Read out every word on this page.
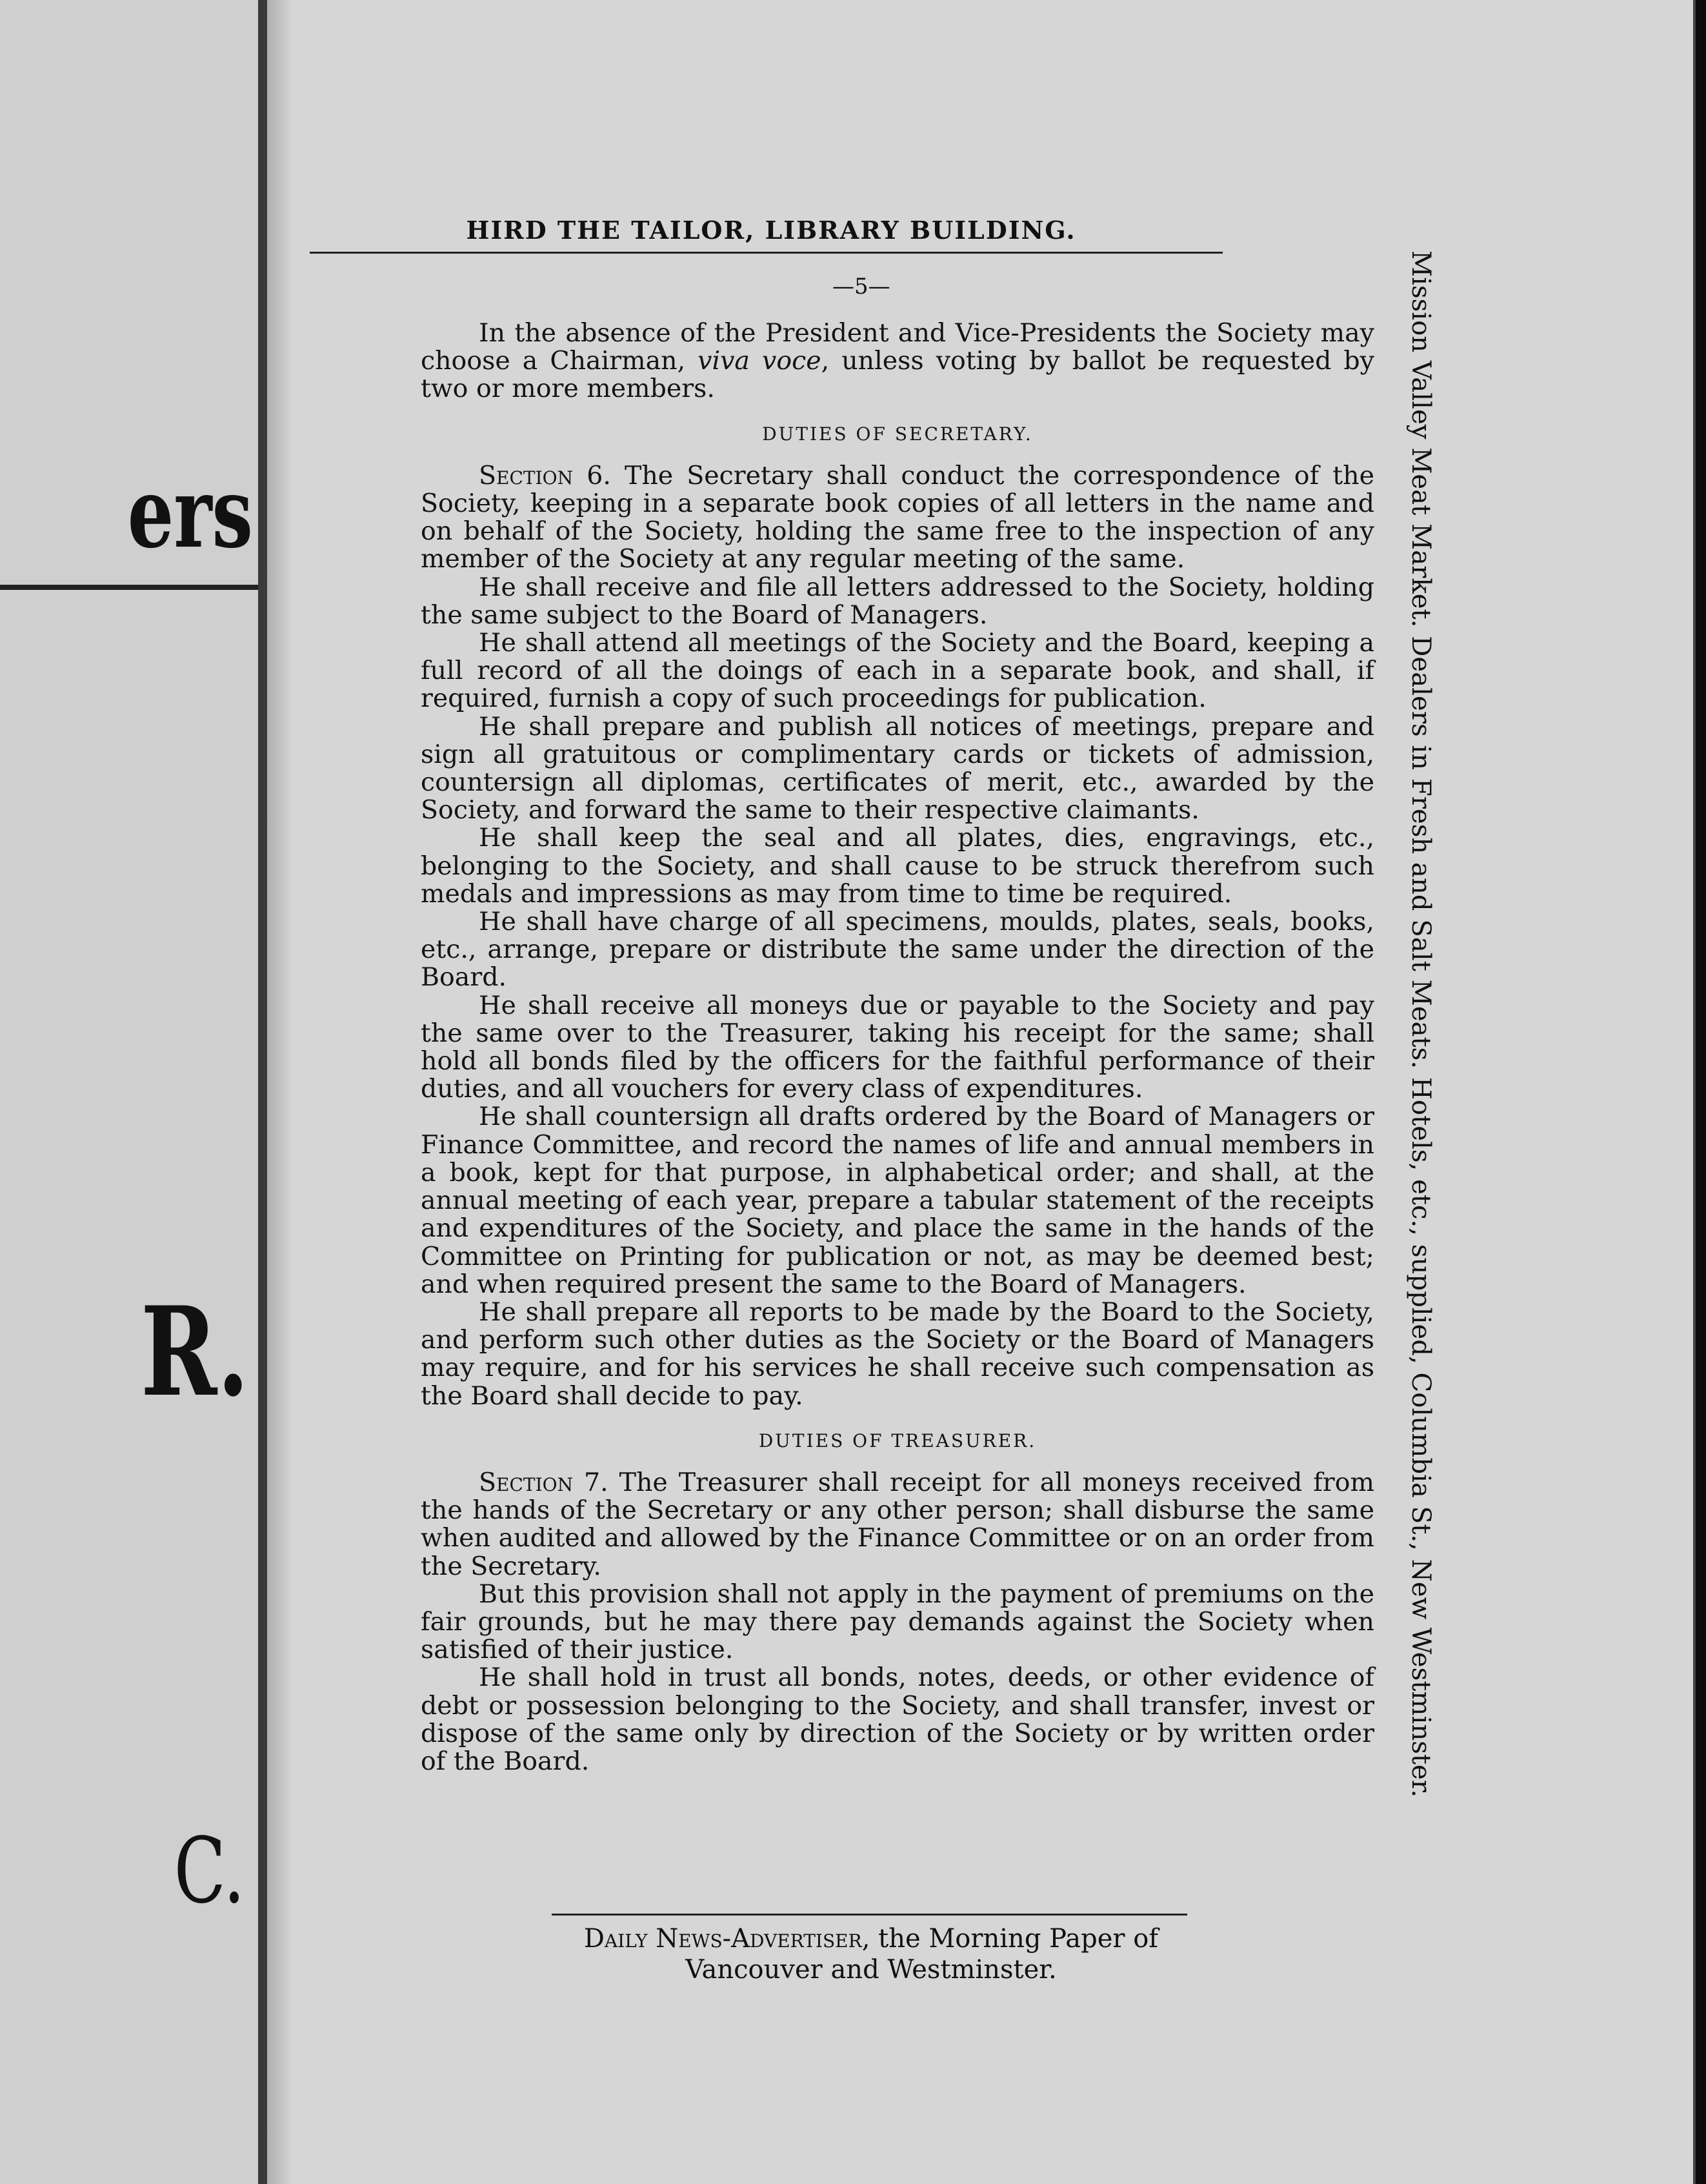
ers
R.
C.
HIRD THE TAILOR, LIBRARY BUILDING.
—5—

In the absence of the President and Vice-Presidents the Society may choose a Chairman, viva voce, unless voting by ballot be requested by two or more members.

DUTIES OF SECRETARY.

Section 6. The Secretary shall conduct the correspondence of the Society, keeping in a separate book copies of all letters in the name and on behalf of the Society, holding the same free to the inspection of any member of the Society at any regular meeting of the same.

He shall receive and file all letters addressed to the Society, holding the same subject to the Board of Managers.

He shall attend all meetings of the Society and the Board, keeping a full record of all the doings of each in a separate book, and shall, if required, furnish a copy of such proceedings for publication.

He shall prepare and publish all notices of meetings, prepare and sign all gratuitous or complimentary cards or tickets of admission, countersign all diplomas, certificates of merit, etc., awarded by the Society, and forward the same to their respective claimants.

He shall keep the seal and all plates, dies, engravings, etc., belonging to the Society, and shall cause to be struck therefrom such medals and impressions as may from time to time be required.

He shall have charge of all specimens, moulds, plates, seals, books, etc., arrange, prepare or distribute the same under the direction of the Board.

He shall receive all moneys due or payable to the Society and pay the same over to the Treasurer, taking his receipt for the same; shall hold all bonds filed by the officers for the faithful performance of their duties, and all vouchers for every class of expenditures.

He shall countersign all drafts ordered by the Board of Managers or Finance Committee, and record the names of life and annual members in a book, kept for that purpose, in alphabetical order; and shall, at the annual meeting of each year, prepare a tabular statement of the receipts and expenditures of the Society, and place the same in the hands of the Committee on Printing for publication or not, as may be deemed best; and when required present the same to the Board of Managers.

He shall prepare all reports to be made by the Board to the Society, and perform such other duties as the Society or the Board of Managers may require, and for his services he shall receive such compensation as the Board shall decide to pay.

DUTIES OF TREASURER.

Section 7. The Treasurer shall receipt for all moneys received from the hands of the Secretary or any other person; shall disburse the same when audited and allowed by the Finance Committee or on an order from the Secretary.

But this provision shall not apply in the payment of premiums on the fair grounds, but he may there pay demands against the Society when satisfied of their justice.

He shall hold in trust all bonds, notes, deeds, or other evidence of debt or possession belonging to the Society, and shall transfer, invest or dispose of the same only by direction of the Society or by written order of the Board.	Mission Valley Meat Market. Dealers in Fresh and Salt Meats. Hotels, etc., supplied, Columbia St., New Westminster.
Daily News-Advertiser, the Morning Paper of
Vancouver and Westminster.
